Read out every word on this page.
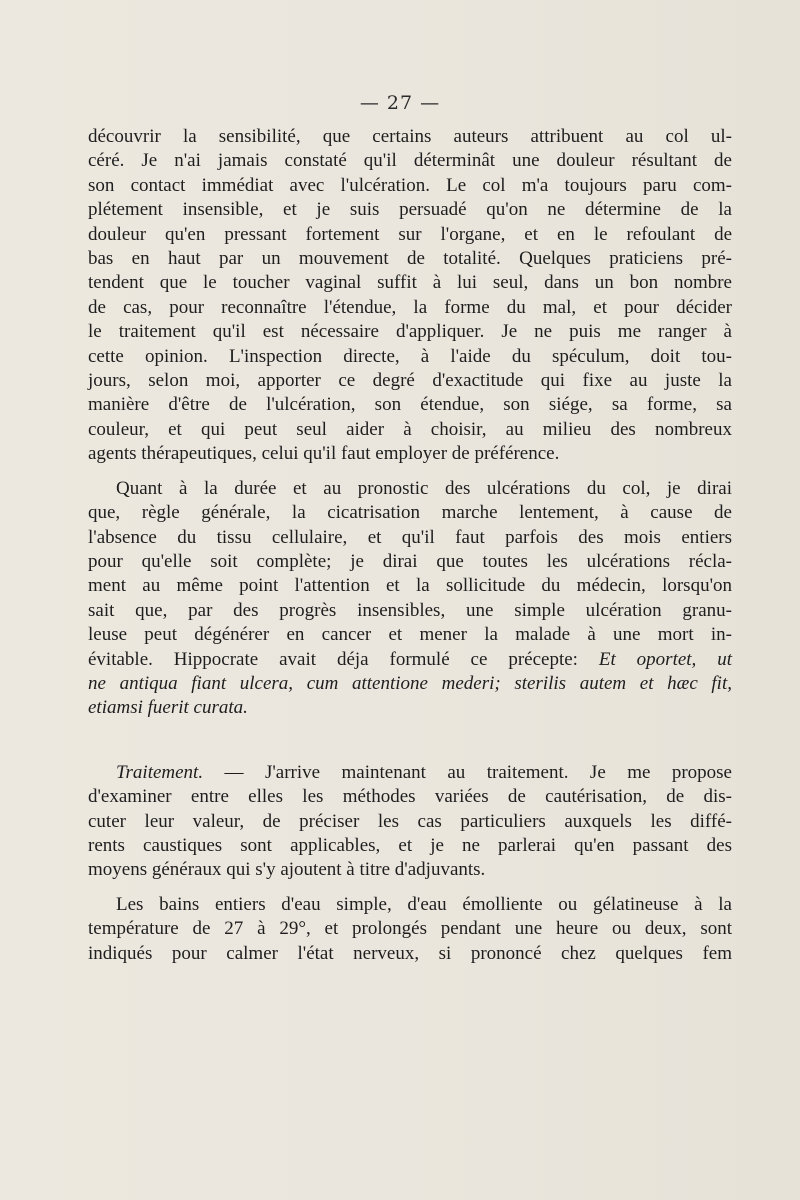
— 27 —
découvrir la sensibilité, que certains auteurs attribuent au col ul-
céré. Je n'ai jamais constaté qu'il déterminât une douleur résultant de
son contact immédiat avec l'ulcération. Le col m'a toujours paru com-
plétement insensible, et je suis persuadé qu'on ne détermine de la
douleur qu'en pressant fortement sur l'organe, et en le refoulant de
bas en haut par un mouvement de totalité. Quelques praticiens pré-
tendent que le toucher vaginal suffit à lui seul, dans un bon nombre
de cas, pour reconnaître l'étendue, la forme du mal, et pour décider
le traitement qu'il est nécessaire d'appliquer. Je ne puis me ranger à
cette opinion. L'inspection directe, à l'aide du spéculum, doit tou-
jours, selon moi, apporter ce degré d'exactitude qui fixe au juste la
manière d'être de l'ulcération, son étendue, son siége, sa forme, sa
couleur, et qui peut seul aider à choisir, au milieu des nombreux
agents thérapeutiques, celui qu'il faut employer de préférence.
Quant à la durée et au pronostic des ulcérations du col, je dirai
que, règle générale, la cicatrisation marche lentement, à cause de
l'absence du tissu cellulaire, et qu'il faut parfois des mois entiers
pour qu'elle soit complète; je dirai que toutes les ulcérations récla-
ment au même point l'attention et la sollicitude du médecin, lorsqu'on
sait que, par des progrès insensibles, une simple ulcération granu-
leuse peut dégénérer en cancer et mener la malade à une mort in-
évitable. Hippocrate avait déja formulé ce précepte: Et oportet, ut
ne antiqua fiant ulcera, cum attentione mederi; sterilis autem et hæc fit,
etiamsi fuerit curata.
Traitement. — J'arrive maintenant au traitement. Je me propose
d'examiner entre elles les méthodes variées de cautérisation, de dis-
cuter leur valeur, de préciser les cas particuliers auxquels les diffé-
rents caustiques sont applicables, et je ne parlerai qu'en passant des
moyens généraux qui s'y ajoutent à titre d'adjuvants.
Les bains entiers d'eau simple, d'eau émolliente ou gélatineuse à la
température de 27 à 29°, et prolongés pendant une heure ou deux, sont
indiqués pour calmer l'état nerveux, si prononcé chez quelques fem
